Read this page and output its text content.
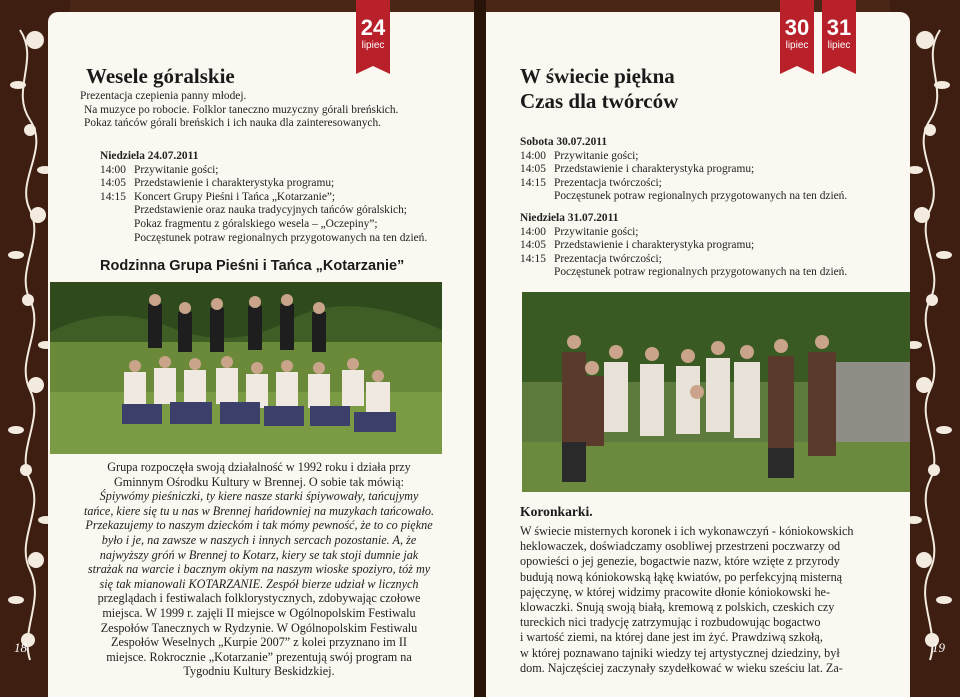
24
lipiec
Wesele góralskie
Prezentacja czepienia panny młodej.
Na muzyce po robocie. Folklor taneczno muzyczny górali breńskich.
Pokaz tańców górali breńskich i ich nauka dla zainteresowanych.
Niedziela 24.07.2011
14:00 Przywitanie gości;
14:05 Przedstawienie i charakterystyka programu;
14:15 Koncert Grupy Pieśni i Tańca „Kotarzanie”;
Przedstawienie oraz nauka tradycyjnych tańców góralskich;
Pokaz fragmentu z góralskiego wesela – „Oczepiny”;
Poczęstunek potraw regionalnych przygotowanych na ten dzień.
Rodzinna Grupa Pieśni i Tańca „Kotarzanie”
Grupa rozpoczęła swoją działalność w 1992 roku i działa przy
Gminnym Ośrodku Kultury w Brennej. O sobie tak mówią:
Śpiywómy pieśniczki, ty kiere nasze starki śpiywowały, tańcujymy
tańce, kiere się tu u nas w Brennej hańdowniej na muzykach tańcowało.
Przekazujemy to naszym dzieckóm i tak mómy pewność, że to co piękne
było i je, na zawsze w naszych i innych sercach pozostanie. A, że
najwyższy gróń w Brennej to Kotarz, kiery se tak stoji dumnie jak
strażak na warcie i bacznym okiym na naszym wioske spoziyro, tóż my
się tak mianowali KOTARZANIE. Zespół bierze udział w licznych
przeglądach i festiwalach folklorystycznych, zdobywając czołowe
miejsca. W 1999 r. zajęli II miejsce w Ogólnopolskim Festiwalu
Zespołów Tanecznych w Rydzynie. W Ogólnopolskim Festiwalu
Zespołów Weselnych „Kurpie 2007” z kolei przyznano im II
miejsce. Rokrocznie „Kotarzanie” prezentują swój program na
Tygodniu Kultury Beskidzkiej.
18
30
lipiec
31
lipiec
W świecie piękna
Czas dla twórców
Sobota 30.07.2011
14:00 Przywitanie gości;
14:05 Przedstawienie i charakterystyka programu;
14:15 Prezentacja twórczości;
Poczęstunek potraw regionalnych przygotowanych na ten dzień.
Niedziela 31.07.2011
14:00 Przywitanie gości;
14:05 Przedstawienie i charakterystyka programu;
14:15 Prezentacja twórczości;
Poczęstunek potraw regionalnych przygotowanych na ten dzień.
Koronkarki.
W świecie misternych koronek i ich wykonawczyń - kóniokowskich
heklowaczek, doświadczamy osobliwej przestrzeni poczwarzy od
opowieści o jej genezie, bogactwie nazw, które wzięte z przyrody
budują nową kóniokowską łąkę kwiatów, po perfekcyjną misterną
pajęczynę, w której widzimy pracowite dłonie kóniokowski he-
klowaczki. Snują swoją białą, kremową z polskich, czeskich czy
tureckich nici tradycję zatrzymując i rozbudowując bogactwo
i wartość ziemi, na której dane jest im żyć. Prawdziwą szkołą,
w której poznawano tajniki wiedzy tej artystycznej dziedziny, był
dom. Najczęściej zaczynały szydełkować w wieku sześciu lat. Za-
19
